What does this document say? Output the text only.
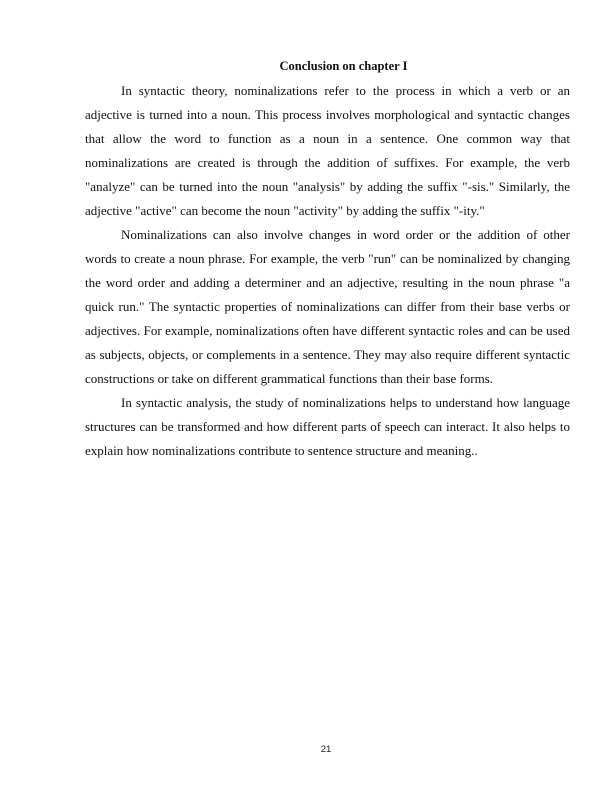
Conclusion on chapter I

In syntactic theory, nominalizations refer to the process in which a verb or an adjective is turned into a noun. This process involves morphological and syntactic changes that allow the word to function as a noun in a sentence. One common way that nominalizations are created is through the addition of suffixes. For example, the verb "analyze" can be turned into the noun "analysis" by adding the suffix "-sis." Similarly, the adjective "active" can become the noun "activity" by adding the suffix "-ity."

Nominalizations can also involve changes in word order or the addition of other words to create a noun phrase. For example, the verb "run" can be nominalized by changing the word order and adding a determiner and an adjective, resulting in the noun phrase "a quick run." The syntactic properties of nominalizations can differ from their base verbs or adjectives. For example, nominalizations often have different syntactic roles and can be used as subjects, objects, or complements in a sentence. They may also require different syntactic constructions or take on different grammatical functions than their base forms.

In syntactic analysis, the study of nominalizations helps to understand how language structures can be transformed and how different parts of speech can interact. It also helps to explain how nominalizations contribute to sentence structure and meaning..

21
